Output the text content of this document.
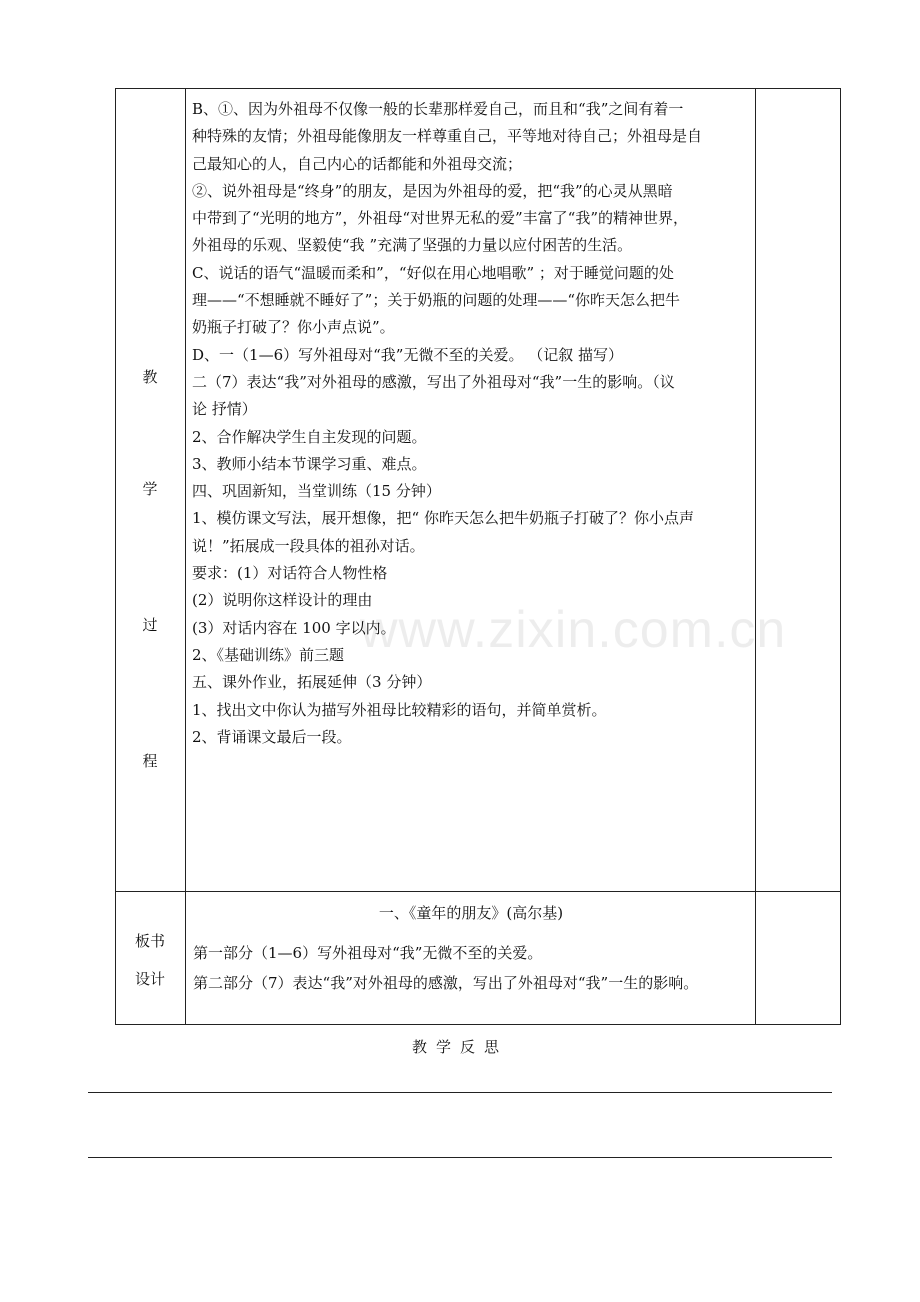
教
学
过
程

B、①、因为外祖母不仅像一般的长辈那样爱自己，而且和“我”之间有着一

种特殊的友情；外祖母能像朋友一样尊重自己，平等地对待自己；外祖母是自

己最知心的人，自己内心的话都能和外祖母交流；

②、说外祖母是“终身”的朋友，是因为外祖母的爱，把“我”的心灵从黑暗

中带到了“光明的地方”，外祖母“对世界无私的爱”丰富了“我”的精神世界，

外祖母的乐观、坚毅使“我 ”充满了坚强的力量以应付困苦的生活。

C、说话的语气“温暖而柔和”，“好似在用心地唱歌” ；对于睡觉问题的处

理——“不想睡就不睡好了”；关于奶瓶的问题的处理——“你昨天怎么把牛

奶瓶子打破了？你小声点说”。

D、一（1—6）写外祖母对“我”无微不至的关爱。 （记叙 描写）

二（7）表达“我”对外祖母的感激，写出了外祖母对“我”一生的影响。（议

论 抒情）

2、合作解决学生自主发现的问题。

3、教师小结本节课学习重、难点。

四、巩固新知，当堂训练（15 分钟）

1、模仿课文写法，展开想像，把“ 你昨天怎么把牛奶瓶子打破了？你小点声

说！”拓展成一段具体的祖孙对话。

要求：(1）对话符合人物性格

(2）说明你这样设计的理由

(3）对话内容在 100 字以内。

2、《基础训练》前三题

五、课外作业，拓展延伸（3 分钟）

1、找出文中你认为描写外祖母比较精彩的语句，并简单赏析。

2、背诵课文最后一段。

板书
设计
一、《童年的朋友》(高尔基)
第一部分（1—6）写外祖母对“我”无微不至的关爱。
第二部分（7）表达“我”对外祖母的感激，写出了外祖母对“我”一生的影响。
教学反思
www.zixin.com.cn
